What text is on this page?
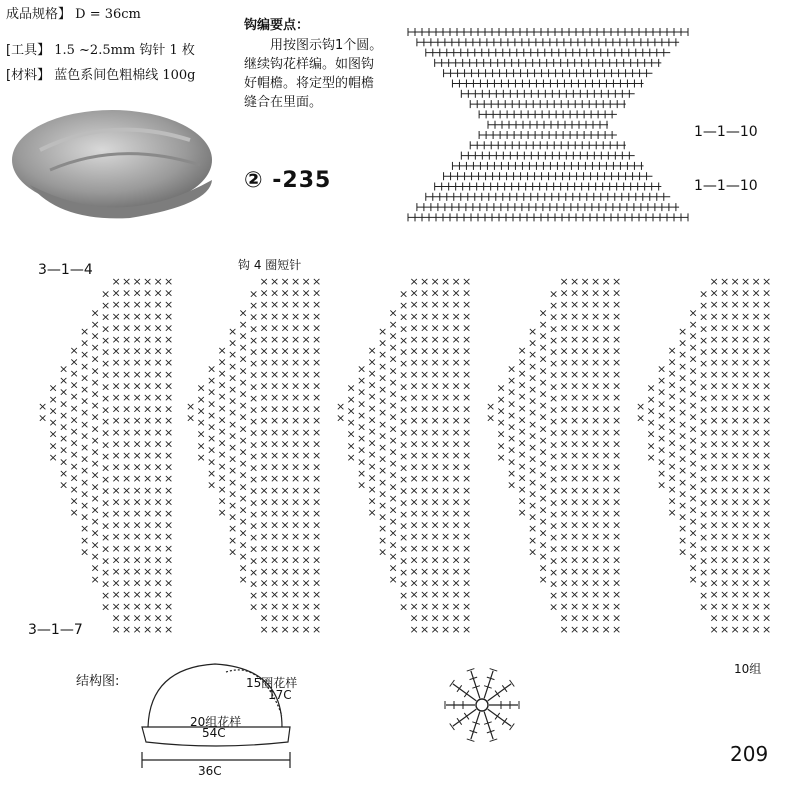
成品规格】 D = 36cm
[工具】 1.5 ~2.5mm 钩针 1 枚
[材料】 蓝色系间色粗棉线 100g
钩编要点：
用按图示钩1个圆。继续钩花样编。如图钩好帽檐。将定型的帽檐缝合在里面。
② -235
1—1—10
1—1—10
3—1—4
3—1—7
钩 4 圈短针
10组
结构图:	15圈花样
17C
20组花样
54C
36C
209
×
×
×
×
×
×
×
×
×
×
×
×
×
×
×
×
×
×
×
×
×
×
×
×
×
×
×
×
×
×
×
×
×
×
×
×
×
×
×
×
×
×
×
×
×
×
×
×
×
×
×
×
×
×
×
×
×
×
×
×
×
×
×
×
×
×
×
×
×
×
×
×
×
×
×
×
×
×
×
×
×
×
×
×
×
×
×
×
×
×
×
×
×
×
×
×
×
×
×
×
×
×
×
×
×
×
×
×
×
×
×
×
×
×
×
×
×
×
×
×
×
×
×
×
×
×
×
×
×
×
×
×
×
×
×
×
×
×
×
×
×
×
×
×
×
×
×
×
×
×
×
×
×
×
×
×
×
×
×
×
×
×
×
×
×
×
×
×
×
×
×
×
×
×
×
×
×
×
×
×
×
×
×
×
×
×
×
×
×
×
×
×
×
×
×
×
×
×
×
×
×
×
×
×
×
×
×
×
×
×
×
×
×
×
×
×
×
×
×
×
×
×
×
×
×
×
×
×
×
×
×
×
×
×
×
×
×
×
×
×
×
×
×
×
×
×
×
×
×
×
×
×
×
×
×
×
×
×
×
×
×
×
×
×
×
×
×
×
×
×
×
×
×
×
×
×
×
×
×
×
×
×
×
×
×
×
×
×
×
×
×
×
×
×
×
×
×
×
×
×
×
×
×
×
×
×
×
×
×
×
×
×
×
×
×
×
×
×
×
×
×
×
×
×
×
×
×
×
×
×
×
×
×
×
×
×
×
×
×
×
×
×
×
×
×
×
×
×
×
×
×
×
×
×
×
×
×
×
×
×
×
×
×
×
×
×
×
×
×
×
×
×
×
×
×
×
×
×
×
×
×
×
×
×
×
×
×
×
×
×
×
×
×
×
×
×
×
×
×
×
×
×
×
×
×
×
×
×
×
×
×
×
×
×
×
×
×
×
×
×
×
×
×
×
×
×
×
×
×
×
×
×
×
×
×
×
×
×
×
×
×
×
×
×
×
×
×
×
×
×
×
×
×
×
×
×
×
×
×
×
×
×
×
×
×
×
×
×
×
×
×
×
×
×
×
×
×
×
×
×
×
×
×
×
×
×
×
×
×
×
×
×
×
×
×
×
×
×
×
×
×
×
×
×
×
×
×
×
×
×
×
×
×
×
×
×
×
×
×
×
×
×
×
×
×
×
×
×
×
×
×
×
×
×
×
×
×
×
×
×
×
×
×
×
×
×
×
×
×
×
×
×
×
×
×
×
×
×
×
×
×
×
×
×
×
×
×
×
×
×
×
×
×
×
×
×
×
×
×
×
×
×
×
×
×
×
×
×
×
×
×
×
×
×
×
×
×
×
×
×
×
×
×
×
×
×
×
×
×
×
×
×
×
×
×
×
×
×
×
×
×
×
×
×
×
×
×
×
×
×
×
×
×
×
×
×
×
×
×
×
×
×
×
×
×
×
×
×
×
×
×
×
×
×
×
×
×
×
×
×
×
×
×
×
×
×
×
×
×
×
×
×
×
×
×
×
×
×
×
×
×
×
×
×
×
×
×
×
×
×
×
×
×
×
×
×
×
×
×
×
×
×
×
×
×
×
×
×
×
×
×
×
×
×
×
×
×
×
×
×
×
×
×
×
×
×
×
×
×
×
×
×
×
×
×
×
×
×
×
×
×
×
×
×
×
×
×
×
×
×
×
×
×
×
×
×
×
×
×
×
×
×
×
×
×
×
×
×
×
×
×
×
×
×
×
×
×
×
×
×
×
×
×
×
×
×
×
×
×
×
×
×
×
×
×
×
×
×
×
×
×
×
×
×
×
×
×
×
×
×
×
×
×
×
×
×
×
×
×
×
×
×
×
×
×
×
×
×
×
×
×
×
×
×
×
×
×
×
×
×
×
×
×
×
×
×
×
×
×
×
×
×
×
×
×
×
×
×
×
×
×
×
×
×
×
×
×
×
×
×
×
×
×
×
×
×
×
×
×
×
×
×
×
×
×
×
×
×
×
×
×
×
×
×
×
×
×
×
×
×
×
×
×
×
×
×
×
×
×
×
×
×
×
×
×
×
×
×
×
×
×
×
×
×
×
×
×
×
×
×
×
×
×
×
×
×
×
×
×
×
×
×
×
×
×
×
×
×
×
×
×
×
×
×
×
×
×
×
×
×
×
×
×
×
×
×
×
×
×
×
×
×
×
×
×
×
×
×
×
×
×
×
×
×
×
×
×
×
×
×
×
×
×
×
×
×
×
×
×
×
×
×
×
×
×
×
×
×
×
×
×
×
×
×
×
×
×
×
×
×
×
×
×
×
×
×
×
×
×
×
×
×
×
×
×
×
×
×
×
×
×
×
×
×
×
×
×
×
×
×
×
×
×
×
×
×
×
×
×
×
×
×
×
×
×
×
×
×
×
×
×
×
×
×
×
×
×
×
×
×
×
×
×
×
×
×
×
×
×
×
×
×
×
×
×
×
×
×
×
×
×
×
×
×
×
×
×
×
×
×
×
×
×
×
×
×
×
×
×
×
×
×
×
×
×
×
×
×
×
×
×
×
×
×
×
×
×
×
×
×
×
×
×
×
×
×
×
×
×
×
×
×
×
×
×
×
×
×
×
×
×
×
×
×
×
×
×
×
×
×
×
×
×
×
×
×
×
×
×
×
×
×
×
×
×
×
×
×
×
×
×
×
×
×
×
×
×
×
×
×
×
×
×
×
×
×
×
×
×
×
×
×
×
×
×
×
×
×
×
×
×
×
×
×
×
×
×
×
×
×
×
×
×
×
×
×
×
×
×
×
×
×
×
×
×
×
×
×
×
×
×
×
×
×
×
×
×
×
×
×
×
×
×
×
×
×
×
×
×
×
×
×
×
×
×
×
×
×
×
×
×
×
×
×
×
×
×
×
×
×
×
×
×
×
×
×
×
×
×
×
×
×
×
×
×
×
×
×
×
×
×
×
×
×
×
×
×
×
×
×
×
×
×
×
×
×
×
×
×
×
×
×
×
×
×
×
×
×
×
×
×
×
×
×
×
×
×
×
×
×
×
×
×
×
×
×
×
×
×
×
×
×
×
×
×
×
×
×
×
×
×
×
×
×
×
×
×
×
×
×
×
×
×
×
×
×
×
×
×
×
×
×
×
×
×
×
×
×
×
×
×
×
×
×
×
×
×
×
×
×
×
×
×
×
×
×
×
×
×
×
×
×
×
×
×
×
×
×
×
×
×
×
×
×
×
×
×
×
×
×
×
×
×
×
×
×
×
×
×
×
×
×
×
×
×
×
×
×
×
×
×
×
×
×
×
